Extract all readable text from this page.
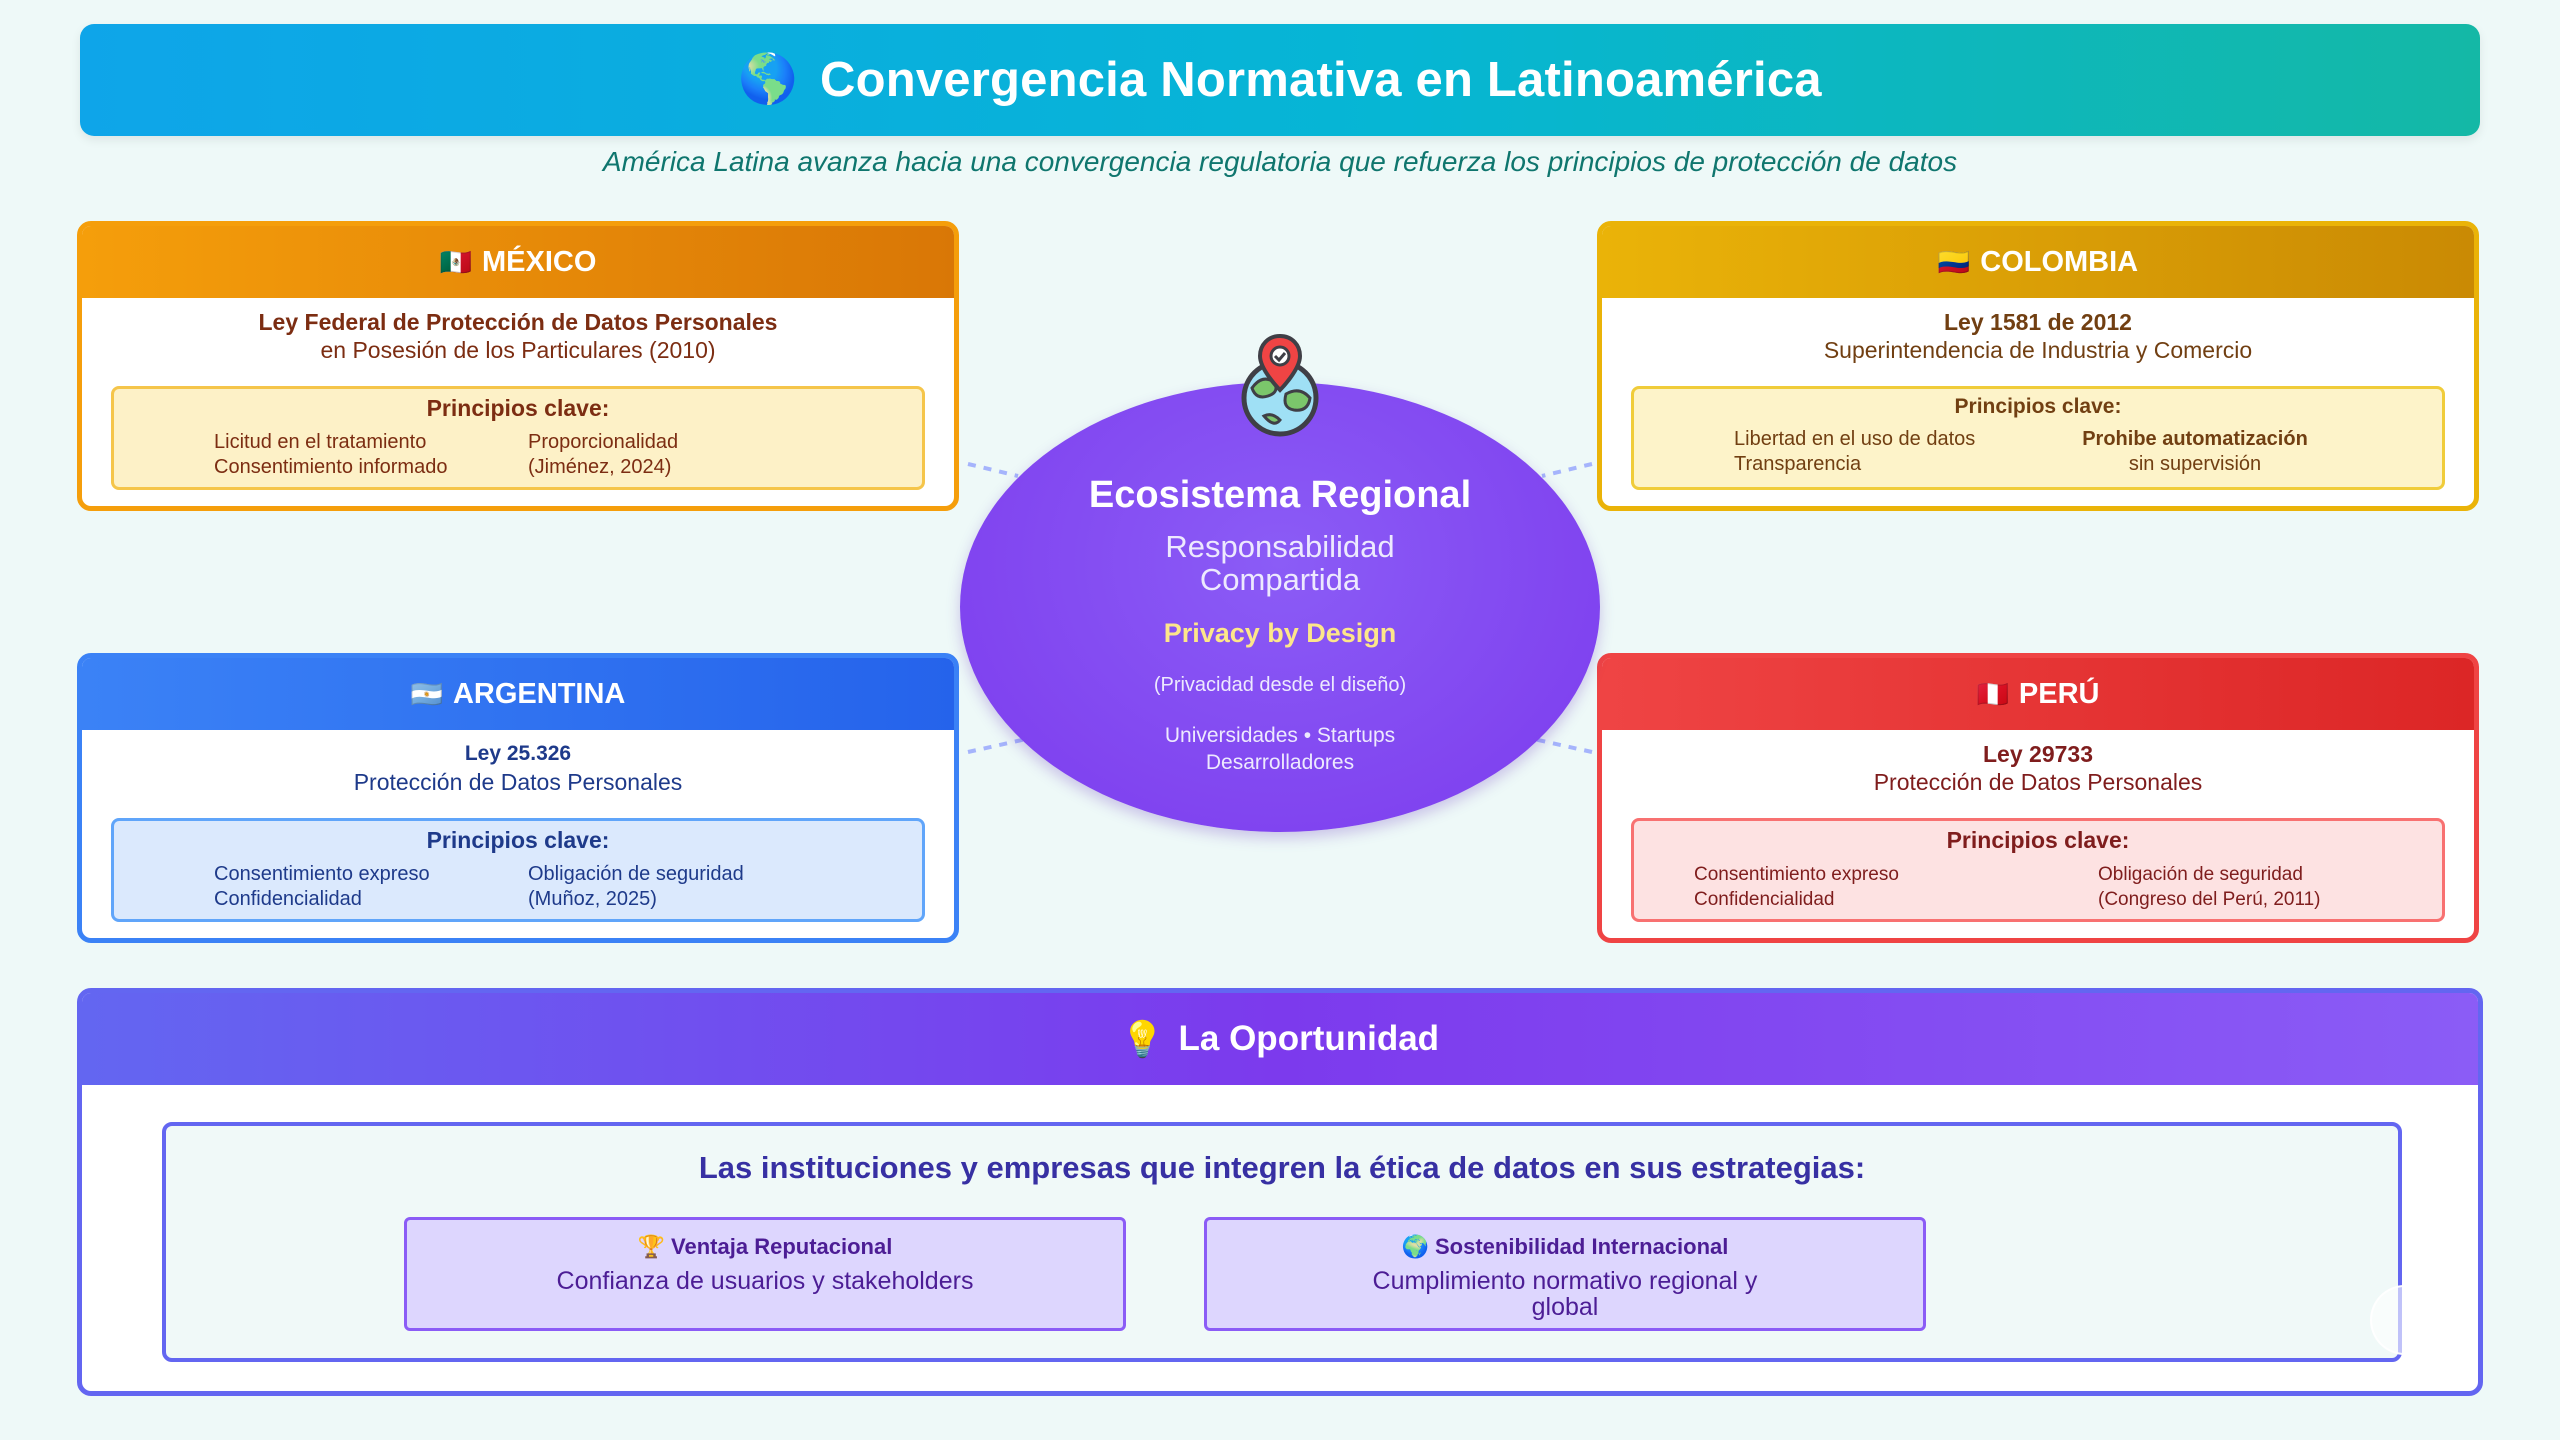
🌎 Convergencia Normativa en Latinoamérica
América Latina avanza hacia una convergencia regulatoria que refuerza los principios de protección de datos
🇲🇽 MÉXICO
Ley Federal de Protección de Datos Personales
en Posesión de los Particulares (2010)
Principios clave:
Licitud en el tratamiento
Consentimiento informado
Proporcionalidad
(Jiménez, 2024)
🇨🇴 COLOMBIA
Ley 1581 de 2012
Superintendencia de Industria y Comercio
Principios clave:
Libertad en el uso de datos
Transparencia
Prohibe automatización
sin supervisión
🇦🇷 ARGENTINA
Ley 25.326
Protección de Datos Personales
Principios clave:
Consentimiento expreso
Confidencialidad
Obligación de seguridad
(Muñoz, 2025)
🇵🇪 PERÚ
Ley 29733
Protección de Datos Personales
Principios clave:
Consentimiento expreso
Confidencialidad
Obligación de seguridad
(Congreso del Perú, 2011)
Ecosistema Regional
Responsabilidad
Compartida
Privacy by Design
(Privacidad desde el diseño)
Universidades • Startups
Desarrolladores
💡 La Oportunidad
Las instituciones y empresas que integren la ética de datos en sus estrategias:
🏆 Ventaja Reputacional
Confianza de usuarios y stakeholders
🌍 Sostenibilidad Internacional
Cumplimiento normativo regional y global
